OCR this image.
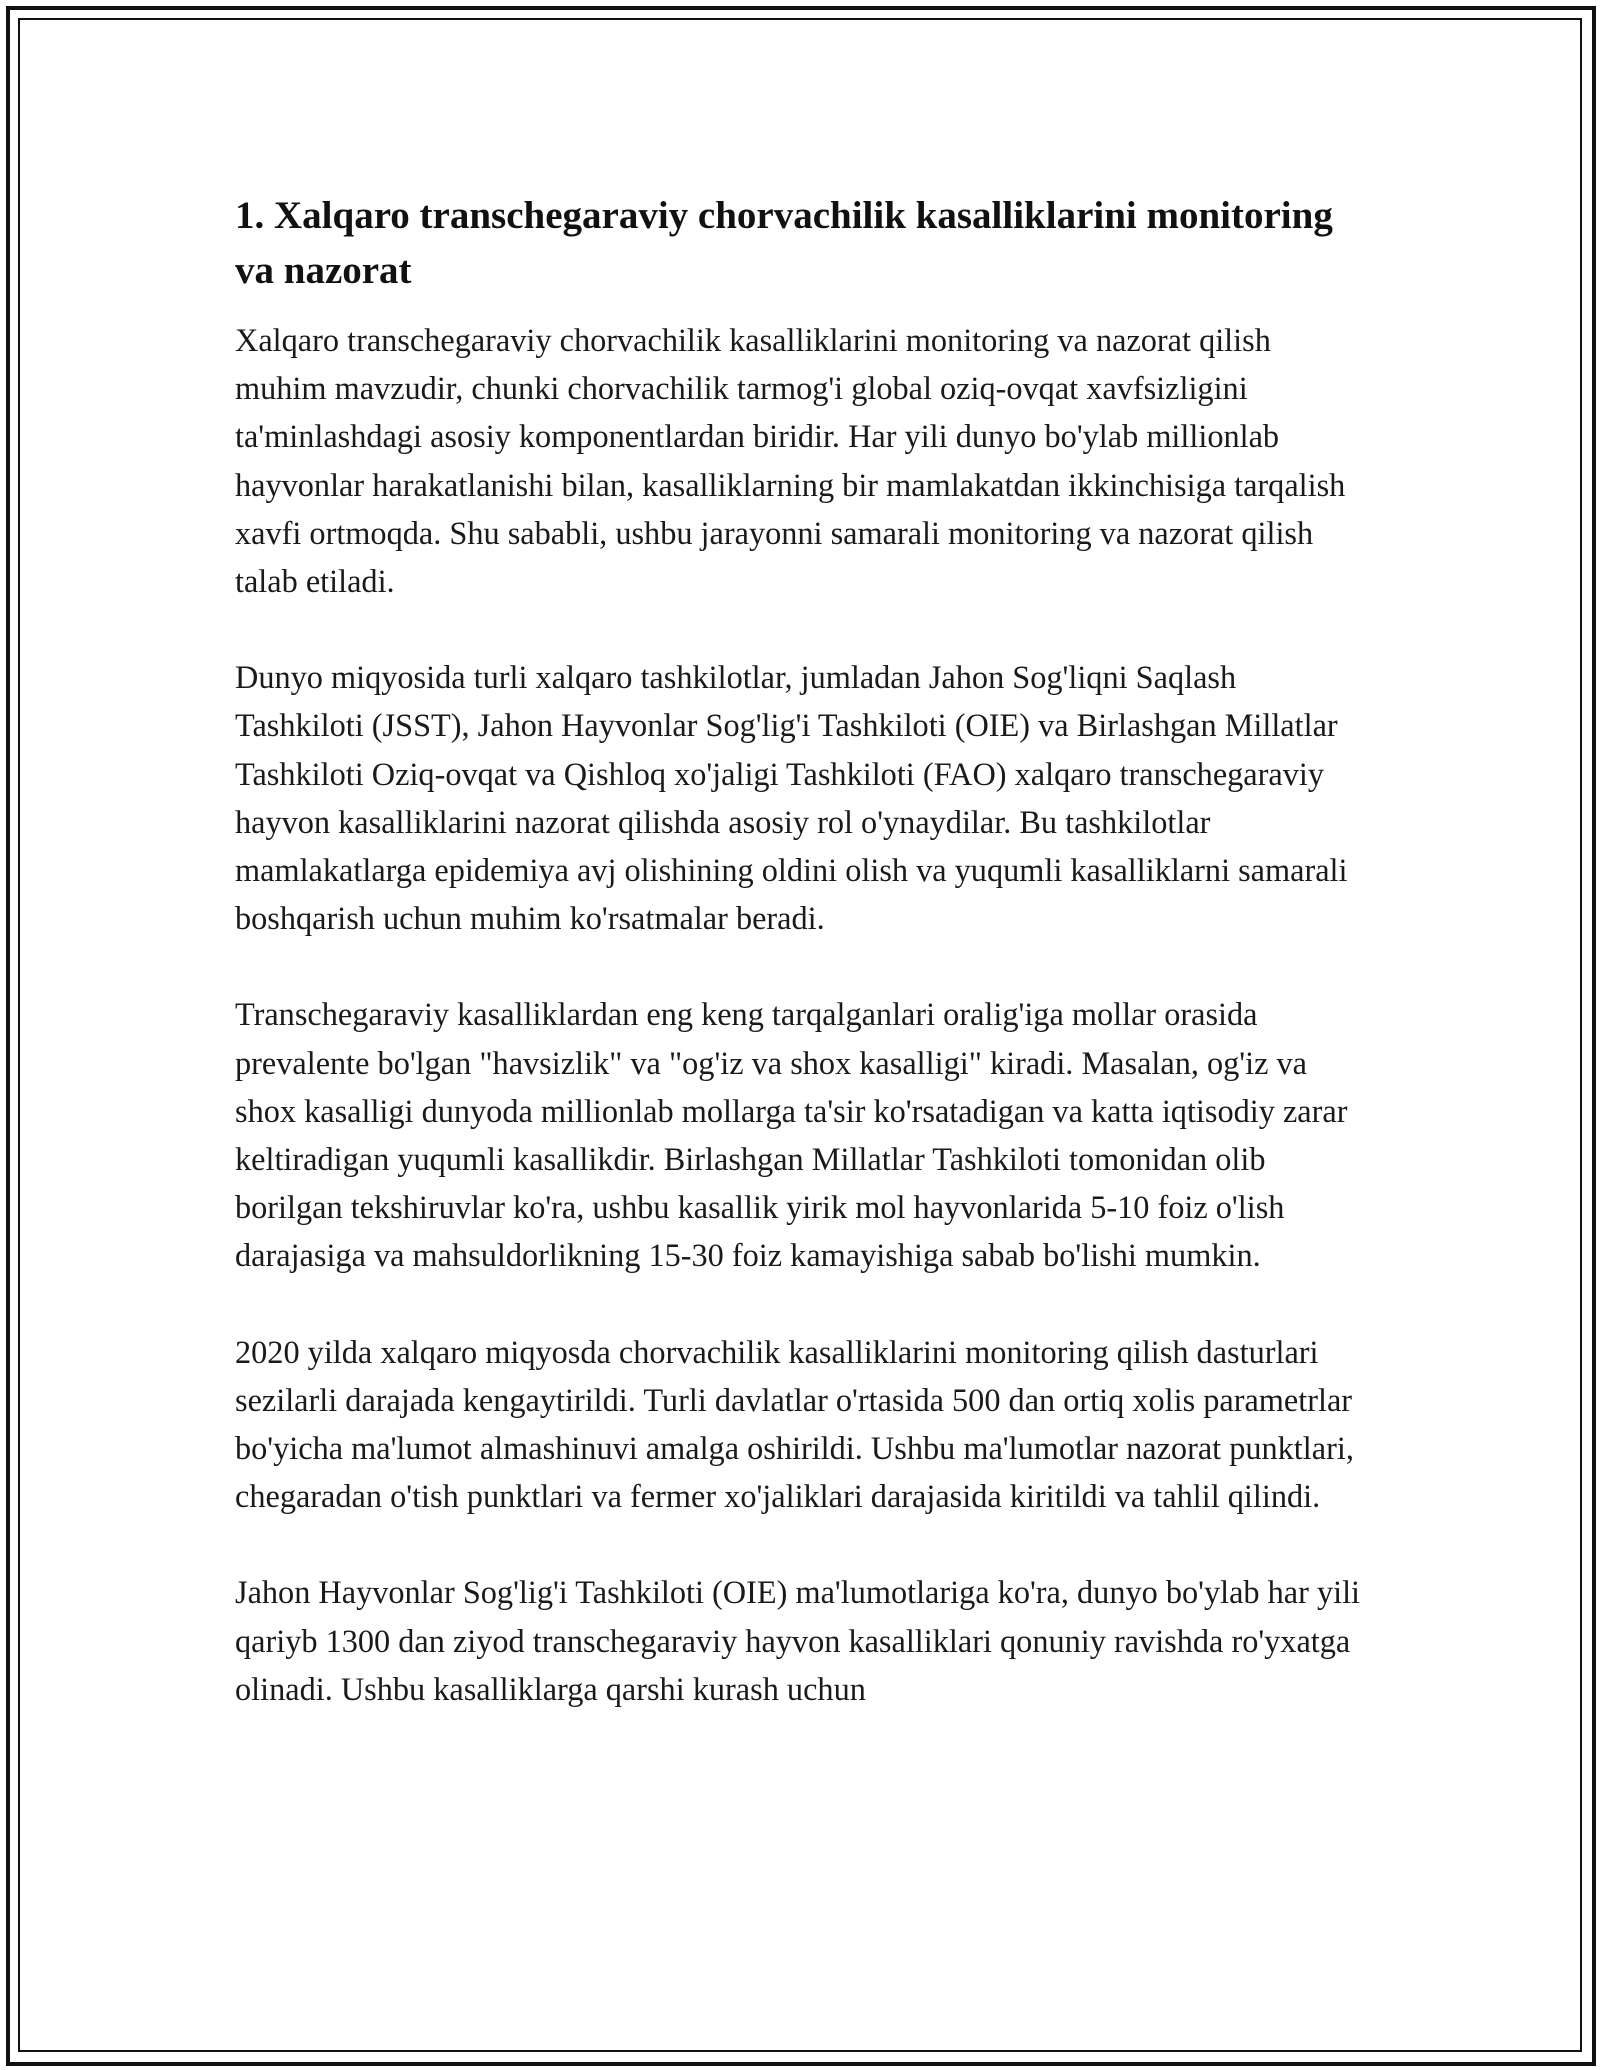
1. Xalqaro transchegaraviy chorvachilik kasalliklarini monitoring va nazorat

Xalqaro transchegaraviy chorvachilik kasalliklarini monitoring va nazorat qilish muhim mavzudir, chunki chorvachilik tarmog'i global oziq-ovqat xavfsizligini ta'minlashdagi asosiy komponentlardan biridir. Har yili dunyo bo'ylab millionlab hayvonlar harakatlanishi bilan, kasalliklarning bir mamlakatdan ikkinchisiga tarqalish xavfi ortmoqda. Shu sababli, ushbu jarayonni samarali monitoring va nazorat qilish talab etiladi.

Dunyo miqyosida turli xalqaro tashkilotlar, jumladan Jahon Sog'liqni Saqlash Tashkiloti (JSST), Jahon Hayvonlar Sog'lig'i Tashkiloti (OIE) va Birlashgan Millatlar Tashkiloti Oziq-ovqat va Qishloq xo'jaligi Tashkiloti (FAO) xalqaro transchegaraviy hayvon kasalliklarini nazorat qilishda asosiy rol o'ynaydilar. Bu tashkilotlar mamlakatlarga epidemiya avj olishining oldini olish va yuqumli kasalliklarni samarali boshqarish uchun muhim ko'rsatmalar beradi.

Transchegaraviy kasalliklardan eng keng tarqalganlari oralig'iga mollar orasida prevalente bo'lgan "havsizlik" va "og'iz va shox kasalligi" kiradi. Masalan, og'iz va shox kasalligi dunyoda millionlab mollarga ta'sir ko'rsatadigan va katta iqtisodiy zarar keltiradigan yuqumli kasallikdir. Birlashgan Millatlar Tashkiloti tomonidan olib borilgan tekshiruvlar ko'ra, ushbu kasallik yirik mol hayvonlarida 5-10 foiz o'lish darajasiga va mahsuldorlikning 15-30 foiz kamayishiga sabab bo'lishi mumkin.

2020 yilda xalqaro miqyosda chorvachilik kasalliklarini monitoring qilish dasturlari sezilarli darajada kengaytirildi. Turli davlatlar o'rtasida 500 dan ortiq xolis parametrlar bo'yicha ma'lumot almashinuvi amalga oshirildi. Ushbu ma'lumotlar nazorat punktlari, chegaradan o'tish punktlari va fermer xo'jaliklari darajasida kiritildi va tahlil qilindi.

Jahon Hayvonlar Sog'lig'i Tashkiloti (OIE) ma'lumotlariga ko'ra, dunyo bo'ylab har yili qariyb 1300 dan ziyod transchegaraviy hayvon kasalliklari qonuniy ravishda ro'yxatga olinadi. Ushbu kasalliklarga qarshi kurash uchun
